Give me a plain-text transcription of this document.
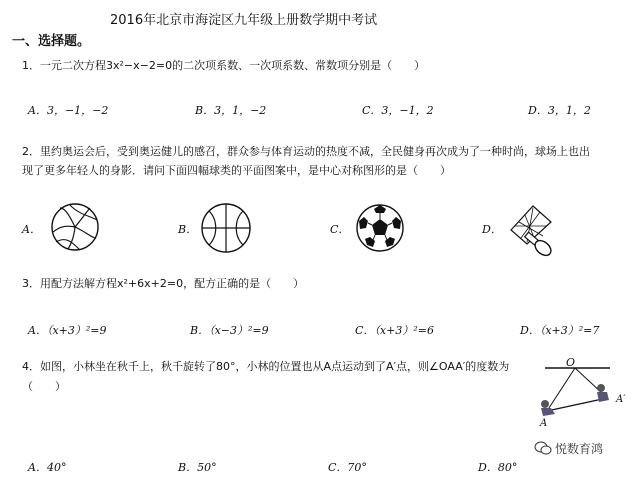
2016年北京市海淀区九年级上册数学期中考试
一、选择题。
1．一元二次方程3x²−x−2=0的二次项系数、一次项系数、常数项分别是（　　）
A．3，−1，−2	B．3，1，−2	C．3，−1，2	D．3，1，2
2．里约奥运会后，受到奥运健儿的感召，群众参与体育运动的热度不减，全民健身再次成为了一种时尚，球场上也出
现了更多年轻人的身影．请问下面四幅球类的平面图案中，是中心对称图形的是（　　）
A．	B．	C．	D．
3．用配方法解方程x²+6x+2=0，配方正确的是（　　）
A．（x+3）²=9	B．（x−3）²=9	C．（x+3）²=6	D．（x+3）²=7
4．如图，小林坐在秋千上，秋千旋转了80°，小林的位置也从A点运动到了A′点，则∠OAA′的度数为
（　　）
O
A
A′
A．40°	B．50°	C．70°	D．80°
悦数育鸿
